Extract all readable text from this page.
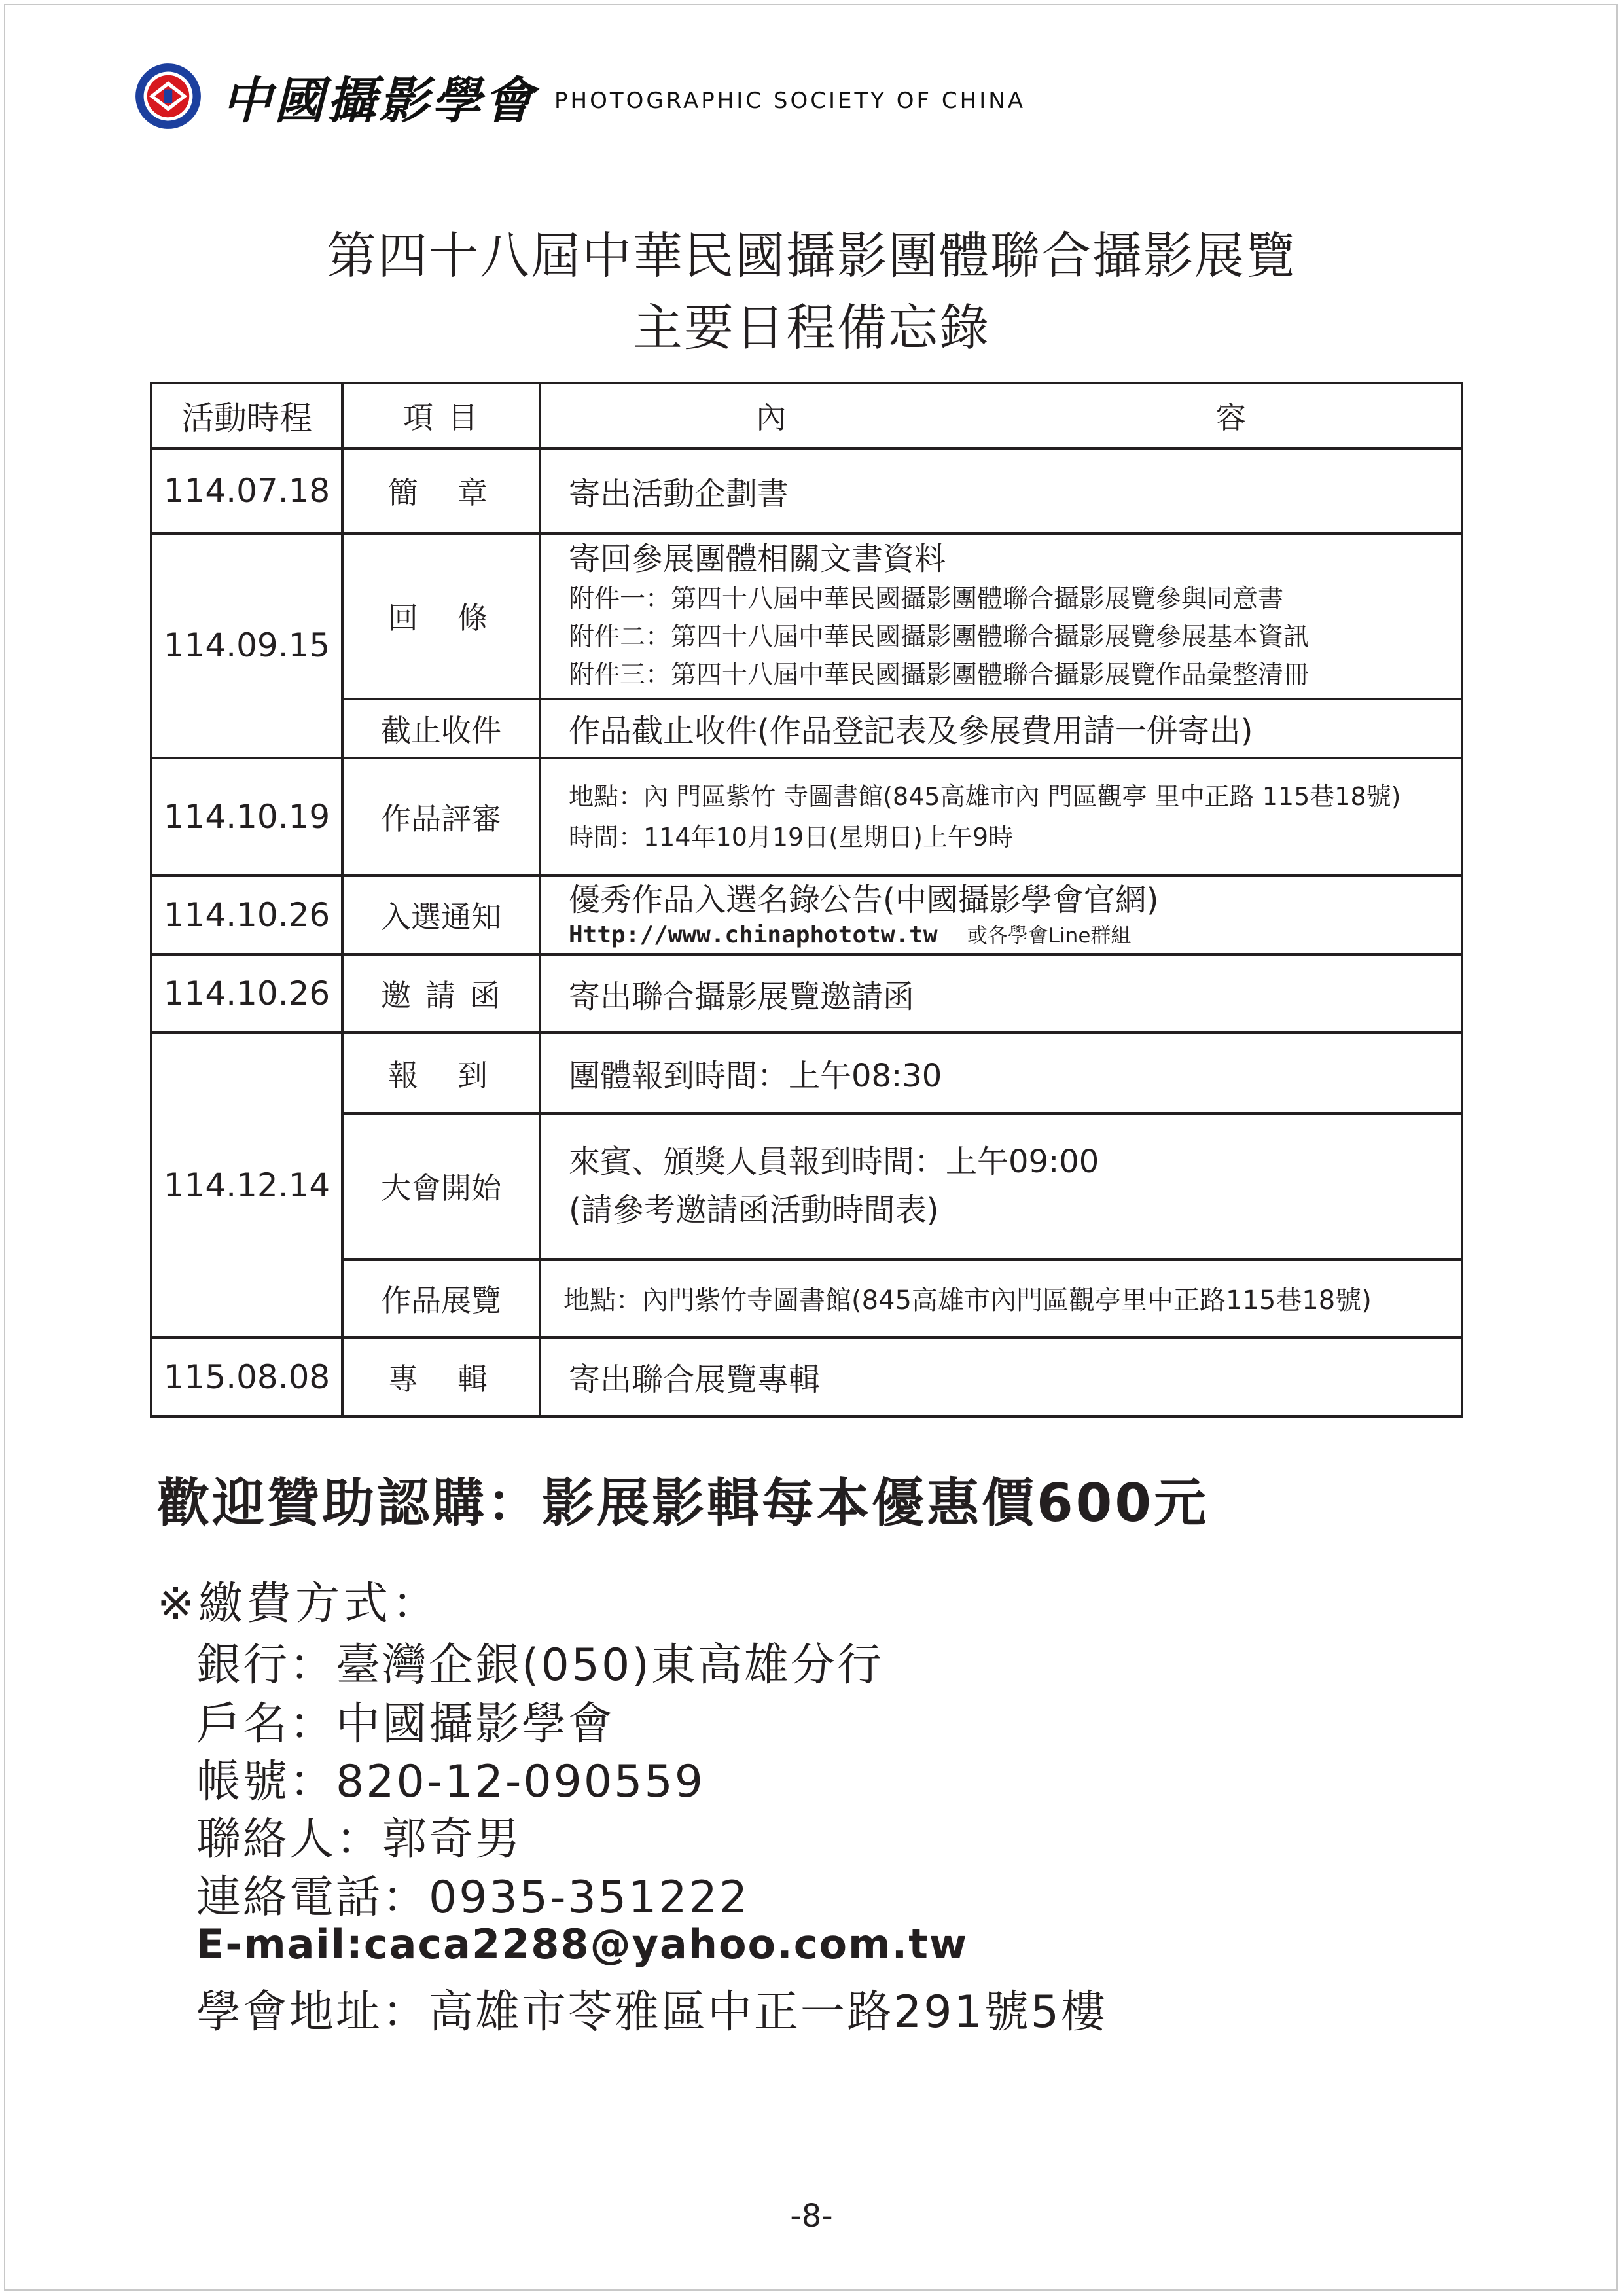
中國攝影學會 PHOTOGRAPHIC SOCIETY OF CHINA
第四十八屆中華民國攝影團體聯合攝影展覽
主要日程備忘錄
活動時程	項目	內 容

114.07.18	簡章	寄出活動企劃書
114.09.15	回條	寄回參展團體相關文書資料
附件一：第四十八屆中華民國攝影團體聯合攝影展覽參與同意書
附件二：第四十八屆中華民國攝影團體聯合攝影展覽參展基本資訊
附件三：第四十八屆中華民國攝影團體聯合攝影展覽作品彙整清冊

	截止收件	作品截止收件(作品登記表及參展費用請一併寄出)
114.10.19	作品評審	地點：內 門區紫竹 寺圖書館(845高雄市內 門區觀亭 里中正路 115巷18號)
時間：114年10月19日(星期日)上午9時

114.10.26	入選通知	優秀作品入選名錄公告(中國攝影學會官網)
Http://www.chinaphototw.tw 或各學會Line群組

114.10.26	邀請函	寄出聯合攝影展覽邀請函
114.12.14	報到	團體報到時間：上午08:30
	大會開始	來賓、頒獎人員報到時間：上午09:00
(請參考邀請函活動時間表)

	作品展覽	地點：內門紫竹寺圖書館(845高雄市內門區觀亭里中正路115巷18號)
115.08.08	專輯	寄出聯合展覽專輯
歡迎贊助認購：影展影輯每本優惠價600元
※繳費方式：
銀行：臺灣企銀(050)東高雄分行
戶名：中國攝影學會
帳號：820-12-090559
聯絡人：郭奇男
連絡電話：0935-351222
E-mail:caca2288@yahoo.com.tw
學會地址：高雄市苓雅區中正一路291號5樓
-8-
